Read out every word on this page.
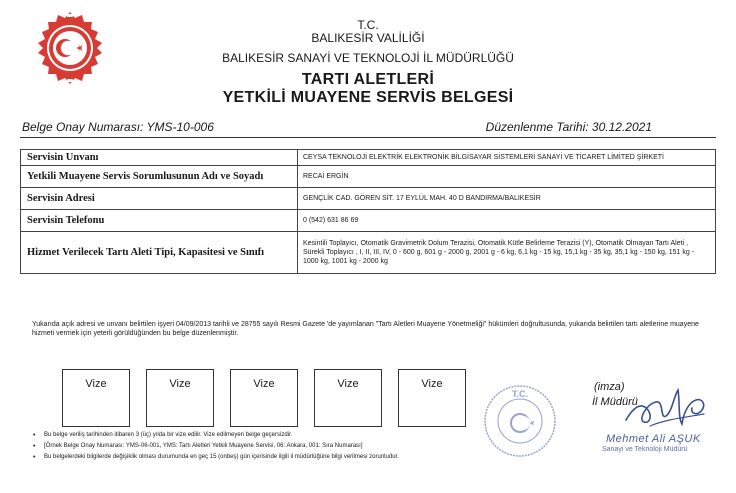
T.C.
BALIKESİR VALİLİĞİ
BALIKESİR SANAYİ VE TEKNOLOJİ İL MÜDÜRLÜĞÜ
TARTI ALETLERİ
YETKİLİ MUAYENE SERVİS BELGESİ
Belge Onay Numarası: YMS-10-006	Düzenlenme Tarihi: 30.12.2021
Servisin Unvanı	CEYSA TEKNOLOJİ ELEKTRİK ELEKTRONİK BİLGİSAYAR SİSTEMLERİ SANAYİ VE TİCARET LİMİTED ŞİRKETİ
Yetkili Muayene Servis Sorumlusunun Adı ve Soyadı	RECAİ ERGİN
Servisin Adresi	GENÇLİK CAD. GÖREN SİT. 17 EYLÜL MAH. 40 D BANDIRMA/BALIKESİR
Servisin Telefonu	0 (542) 631 86 69
Hizmet Verilecek Tartı Aleti Tipi, Kapasitesi ve Sınıfı	Kesintili Toplayıcı, Otomatik Gravimetrik Dolum Terazisi, Otomatik Kütle Belirleme Terazisi (Y), Otomatik Olmayan Tartı Aleti , Sürekli Toplayıcı , I, II, III, IV, 0 - 600 g, 601 g - 2000 g, 2001 g - 6 kg, 6,1 kg - 15 kg, 15,1 kg - 35 kg, 35,1 kg - 150 kg, 151 kg - 1000 kg, 1001 kg - 2000 kg
Yukarıda açık adresi ve unvanı belirtilen işyeri 04/09/2013 tarihli ve 28755 sayılı Resmi Gazete 'de yayımlanan "Tartı Aletleri Muayene Yönetmeliği" hükümleri doğrultusunda, yukarıda belirtilen tartı aletlerine muayene hizmeti vermek için yeterli görüldüğünden bu belge düzenlenmiştir.
Vize	Vize	Vize	Vize	Vize
• Bu belge veriliş tarihinden itibaren 3 (üç) yılda bir vize edilir. Vize edilmeyen belge geçersizdir.
• [Örnek Belge Onay Numarası: YMS-06-001, YMS: Tartı Aletleri Yetkili Muayene Servisi, 06: Ankara, 001: Sıra Numarası]
• Bu belgelerdeki bilgilerde değişiklik olması durumunda en geç 15 (onbeş) gün içerisinde ilgili il müdürlüğüne bilgi verilmesi zorunludur.
T.C.
(imza)
İl Müdürü
Mehmet Ali AŞUK
Sanayi ve Teknoloji Müdürü
